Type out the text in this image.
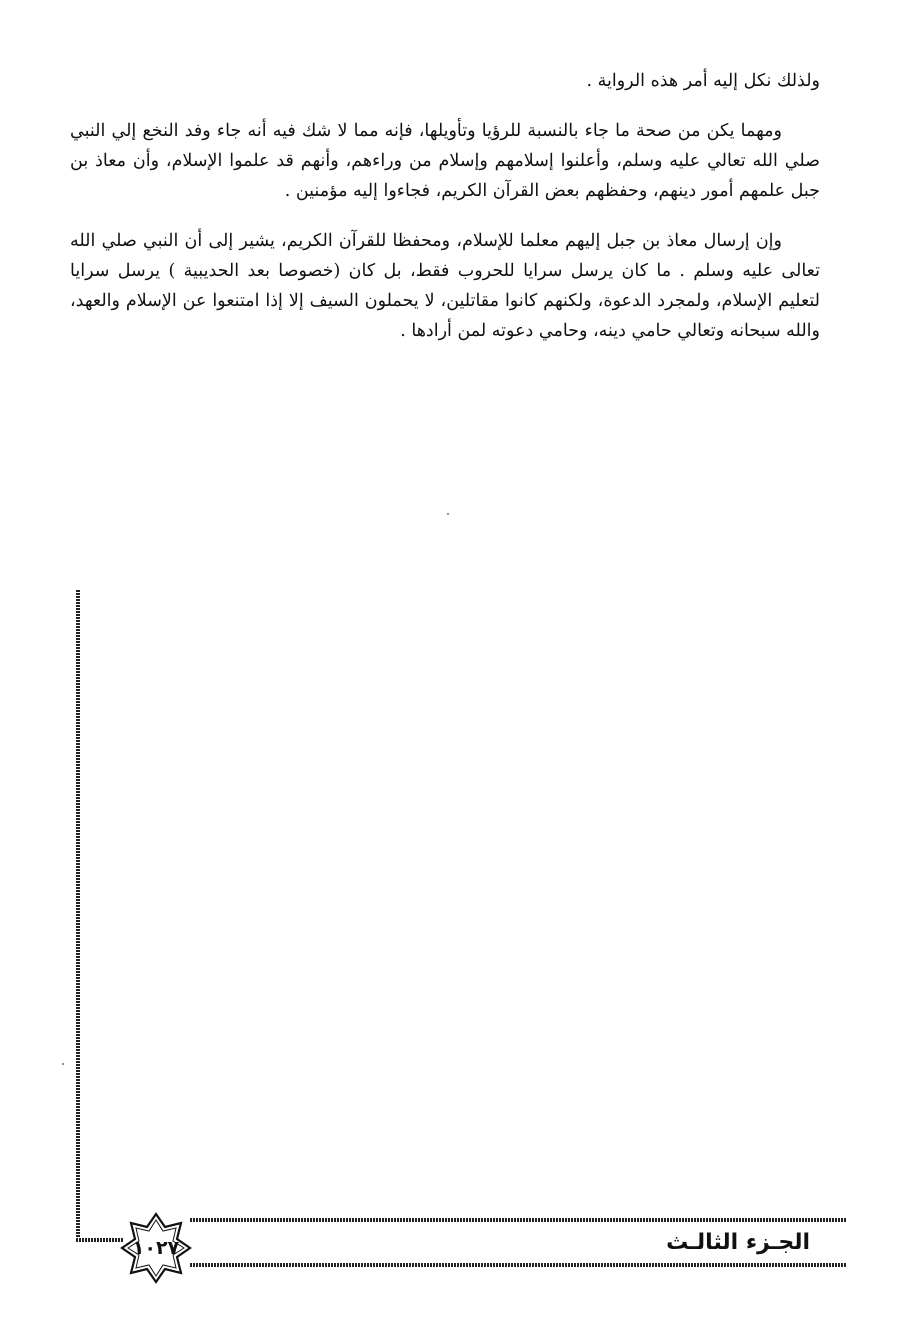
ولذلك نكل إليه أمر هذه الرواية .

ومهما يكن من صحة ما جاء بالنسبة للرؤيا وتأويلها، فإنه مما لا شك فيه أنه جاء وفد النخع إلي النبي صلي الله تعالي عليه وسلم، وأعلنوا إسلامهم وإسلام من وراءهم، وأنهم قد علموا الإسلام، وأن معاذ بن جبل علمهم أمور دينهم، وحفظهم بعض القرآن الكريم، فجاءوا إليه مؤمنين .

وإن إرسال معاذ بن جبل إليهم معلما للإسلام، ومحفظا للقرآن الكريم، يشير إلى أن النبي صلي الله تعالى عليه وسلم . ما كان يرسل سرايا للحروب فقط، بل كان (خصوصا بعد الحديبية ) يرسل سرايا لتعليم الإسلام، ولمجرد الدعوة، ولكنهم كانوا مقاتلين، لا يحملون السيف إلا إذا امتنعوا عن الإسلام والعهد، والله سبحانه وتعالي حامي دينه، وحامي دعوته لمن أرادها .

١٠٢٧	الجـزء الثالـث
